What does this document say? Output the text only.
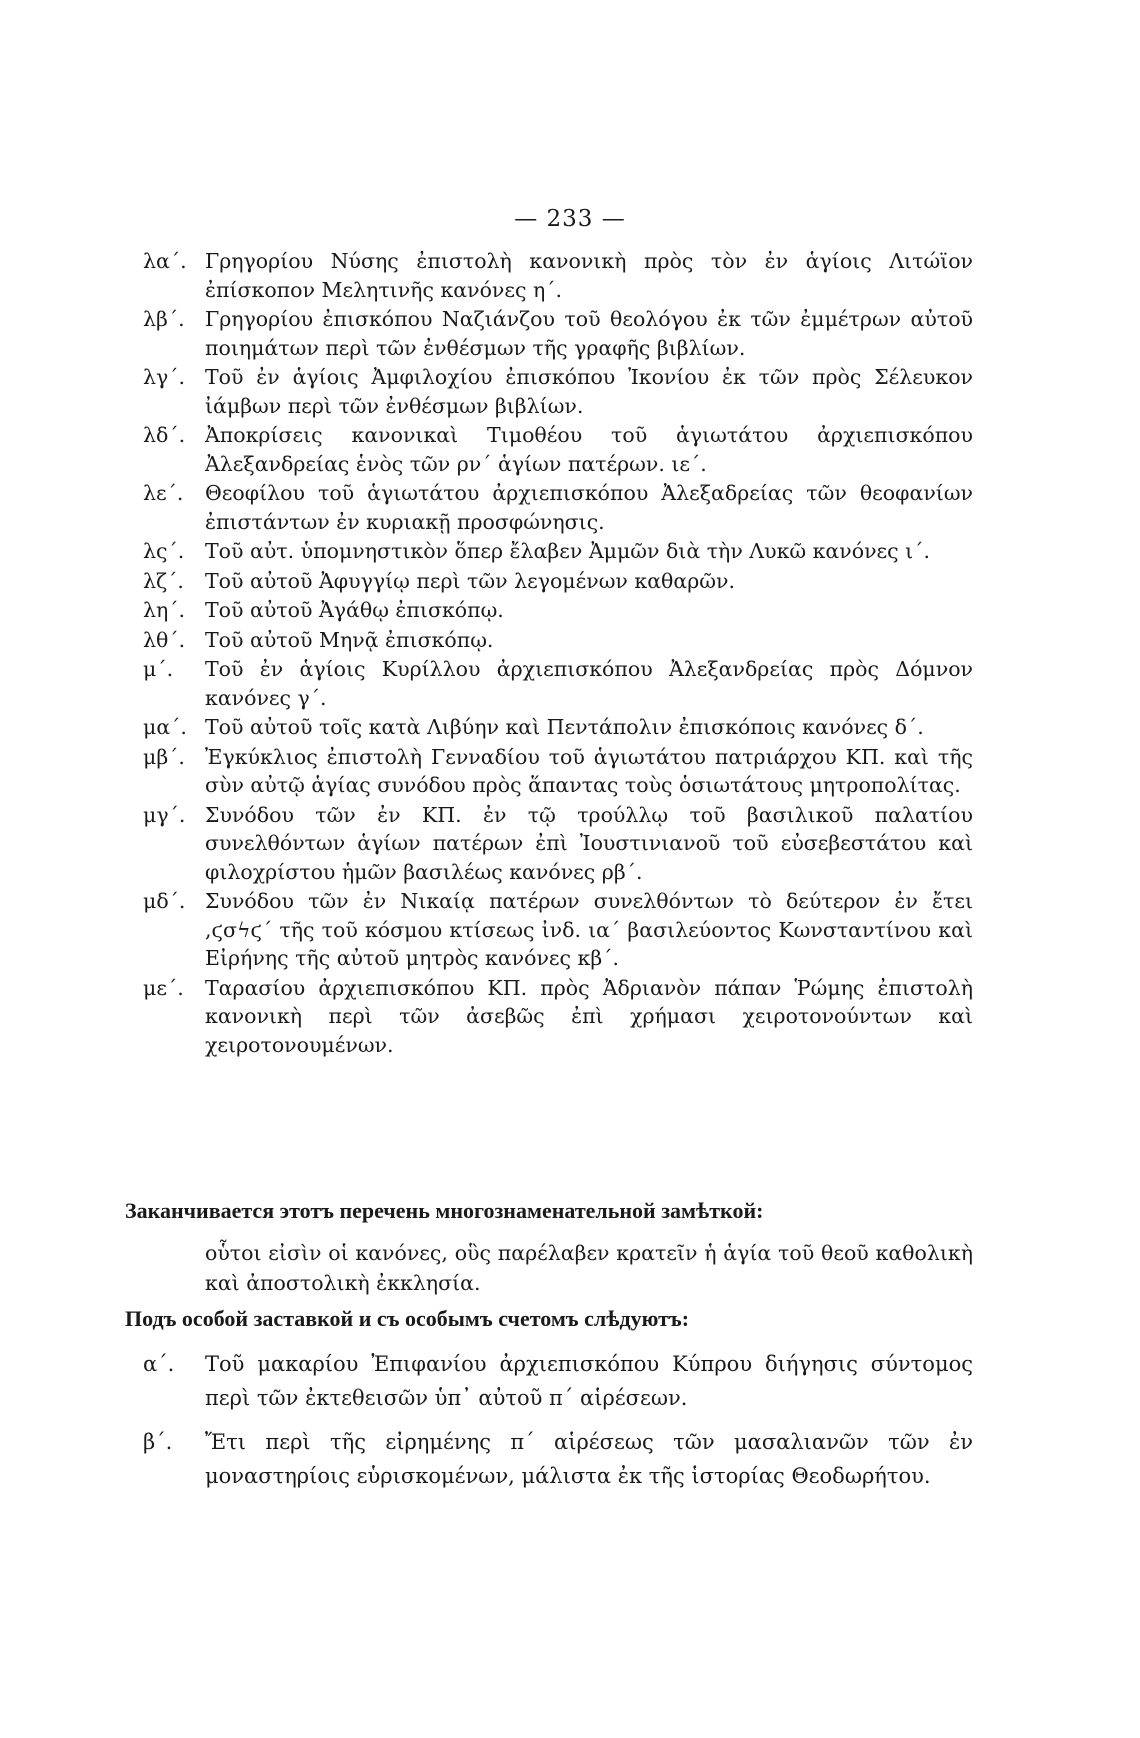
— 233 —
λα΄. Γρηγορίου Νύσης ἐπιστολὴ κανονικὴ πρὸς τὸν ἐν ἁγίοις Λιτώϊον ἐπίσκοπον Μελητινῆς κανόνες η΄.
λβ΄. Γρηγορίου ἐπισκόπου Ναζιάνζου τοῦ θεολόγου ἐκ τῶν ἐμμέτρων αὐτοῦ ποιημάτων περὶ τῶν ἐνθέσμων τῆς γραφῆς βιβλίων.
λγ΄. Τοῦ ἐν ἁγίοις Ἀμφιλοχίου ἐπισκόπου Ἰκονίου ἐκ τῶν πρὸς Σέλευκον ἰάμβων περὶ τῶν ἐνθέσμων βιβλίων.
λδ΄. Ἀποκρίσεις κανονικαὶ Τιμοθέου τοῦ ἁγιωτάτου ἀρχιεπισκόπου Ἀλεξανδρείας ἑνὸς τῶν ρν΄ ἁγίων πατέρων. ιε΄.
λε΄.	Θεοφίλου τοῦ ἁγιωτάτου ἀρχιεπισκόπου Ἀλεξαδρείας τῶν θεοφανίων ἐπιστάντων ἐν κυριακῇ προσφώνησις.
λς΄.	Τοῦ αὐτ. ὑπομνηστικὸν ὅπερ ἔλαβεν Ἀμμῶν διὰ τὴν Λυκῶ κανόνες ι΄.
λζ΄.	Τοῦ αὐτοῦ Ἀφυγγίῳ περὶ τῶν λεγομένων καθαρῶν.
λη΄. Τοῦ αὐτοῦ Ἀγάθῳ ἐπισκόπῳ.
λθ΄. Τοῦ αὐτοῦ Μηνᾷ ἐπισκόπῳ.
μ΄.	Τοῦ ἐν ἁγίοις Κυρίλλου ἀρχιεπισκόπου Ἀλεξανδρείας πρὸς Δόμνον κανόνες γ΄.
μα΄. Τοῦ αὐτοῦ τοῖς κατὰ Λιβύην καὶ Πεντάπολιν ἐπισκόποις κανόνες δ΄.
μβ΄. Ἐγκύκλιος ἐπιστολὴ Γενναδίου τοῦ ἁγιωτάτου πατριάρχου ΚΠ. καὶ τῆς σὺν αὐτῷ ἁγίας συνόδου πρὸς ἅπαντας τοὺς ὁσιωτάτους μητροπολίτας.
μγ΄. Συνόδου τῶν ἐν ΚΠ. ἐν τῷ τρούλλῳ τοῦ βασιλικοῦ παλατίου συνελθόντων ἁγίων πατέρων ἐπὶ Ἰουστινιανοῦ τοῦ εὐσεβεστάτου καὶ φιλοχρίστου ἡμῶν βασιλέως κανόνες ρβ΄.
μδ΄. Συνόδου τῶν ἐν Νικαίᾳ πατέρων συνελθόντων τὸ δεύτερον ἐν ἔτει ,ϛσϟϛ΄ τῆς τοῦ κόσμου κτίσεως ἰνδ. ια΄ βασιλεύοντος Κωνσταντίνου καὶ Εἰρήνης τῆς αὐτοῦ μητρὸς κανόνες κβ΄.
με΄.	Ταρασίου ἀρχιεπισκόπου ΚΠ. πρὸς Ἀδριανὸν πάπαν Ῥώμης ἐπιστολὴ κανονικὴ περὶ τῶν ἀσεβῶς ἐπὶ χρήμασι χειροτονούντων καὶ χειροτονουμένων.
Заканчивается этотъ перечень многознаменательной замѣткой:
οὗτοι εἰσὶν οἱ κανόνες, οὓς παρέλαβεν κρατεῖν ἡ ἁγία τοῦ θεοῦ καθολικὴ καὶ ἀποστολικὴ ἐκκλησία.
Подъ особой заставкой и съ особымъ счетомъ слѣдуютъ:
α΄.	Τοῦ μακαρίου Ἐπιφανίου ἀρχιεπισκόπου Κύπρου διήγησις σύντομος περὶ τῶν ἐκτεθεισῶν ὑπ᾽ αὐτοῦ π΄ αἱρέσεων.
β΄.	Ἔτι περὶ τῆς εἰρημένης π΄ αἱρέσεως τῶν μασαλιανῶν τῶν ἐν μοναστηρίοις εὑρισκομένων, μάλιστα ἐκ τῆς ἱστορίας Θεοδωρήτου.
